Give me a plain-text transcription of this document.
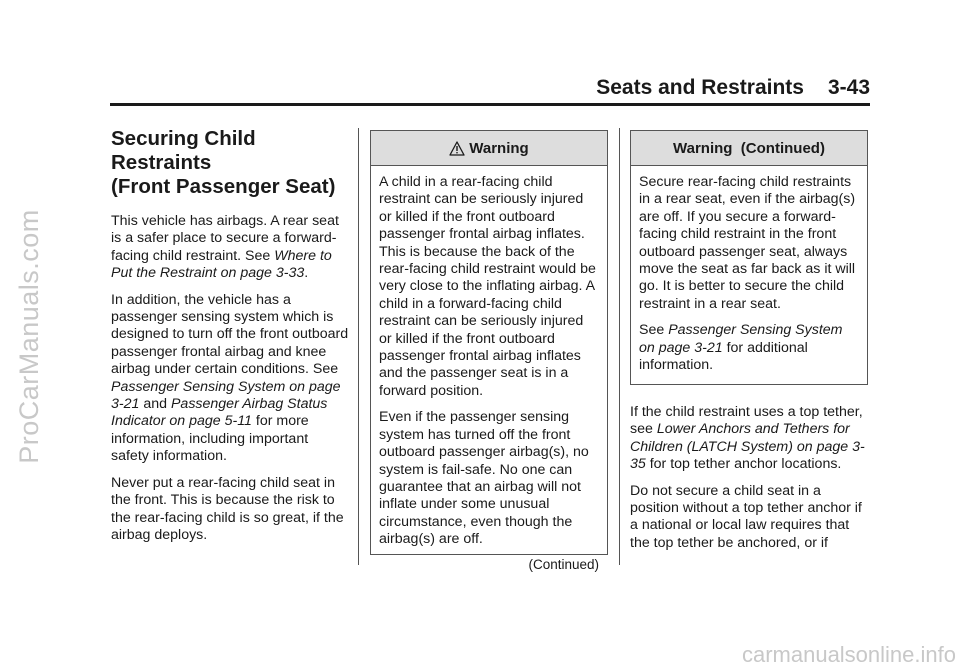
ProCarManuals.com
Seats and Restraints 3-43
Securing Child Restraints
(Front Passenger Seat)

This vehicle has airbags. A rear seat is a safer place to secure a forward-facing child restraint. See Where to Put the Restraint on page 3-33.

In addition, the vehicle has a passenger sensing system which is designed to turn off the front outboard passenger frontal airbag and knee airbag under certain conditions. See Passenger Sensing System on page 3-21 and Passenger Airbag Status Indicator on page 5-11 for more information, including important safety information.

Never put a rear-facing child seat in the front. This is because the risk to the rear-facing child is so great, if the airbag deploys.

Warning

A child in a rear-facing child restraint can be seriously injured or killed if the front outboard passenger frontal airbag inflates. This is because the back of the rear-facing child restraint would be very close to the inflating airbag. A child in a forward-facing child restraint can be seriously injured or killed if the front outboard passenger frontal airbag inflates and the passenger seat is in a forward position.

Even if the passenger sensing system has turned off the front outboard passenger airbag(s), no system is fail-safe. No one can guarantee that an airbag will not inflate under some unusual circumstance, even though the airbag(s) are off.

(Continued)
Warning  (Continued)

Secure rear-facing child restraints in a rear seat, even if the airbag(s) are off. If you secure a forward-facing child restraint in the front outboard passenger seat, always move the seat as far back as it will go. It is better to secure the child restraint in a rear seat.

See Passenger Sensing System on page 3-21 for additional information.

If the child restraint uses a top tether, see Lower Anchors and Tethers for Children (LATCH System) on page 3-35 for top tether anchor locations.

Do not secure a child seat in a position without a top tether anchor if a national or local law requires that the top tether be anchored, or if

carmanualsonline.info
